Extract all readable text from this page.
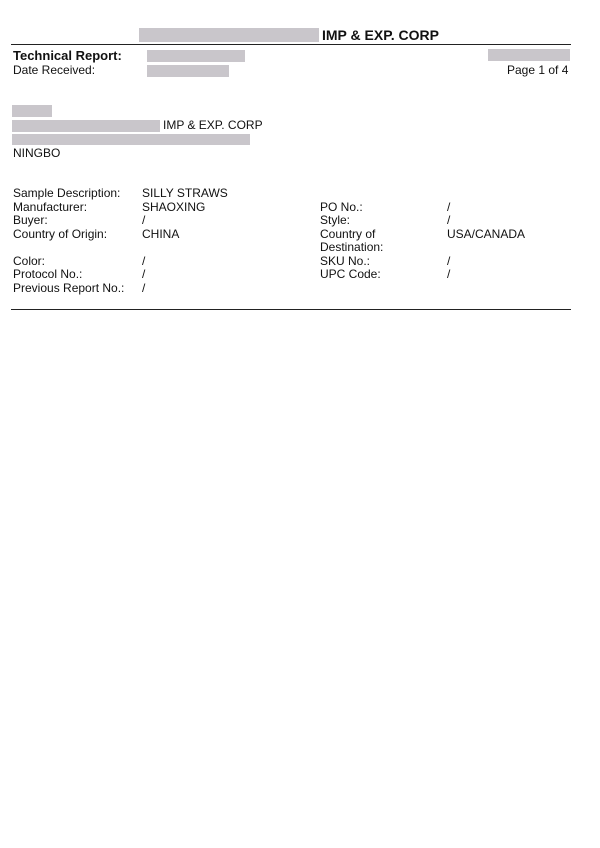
IMP & EXP. CORP
Technical Report:
Date Received:	Page 1 of 4
IMP & EXP. CORP
NINGBO
Sample Description: SILLY STRAWS
Manufacturer:	SHAOXING
Buyer:	/
Country of Origin:	CHINA
Color:	/
Protocol No.:	/
Previous Report No.: /
PO No.:	/
Style:	/
Country of Destination:
USA/CANADA
SKU No.:	/
UPC Code:	/
